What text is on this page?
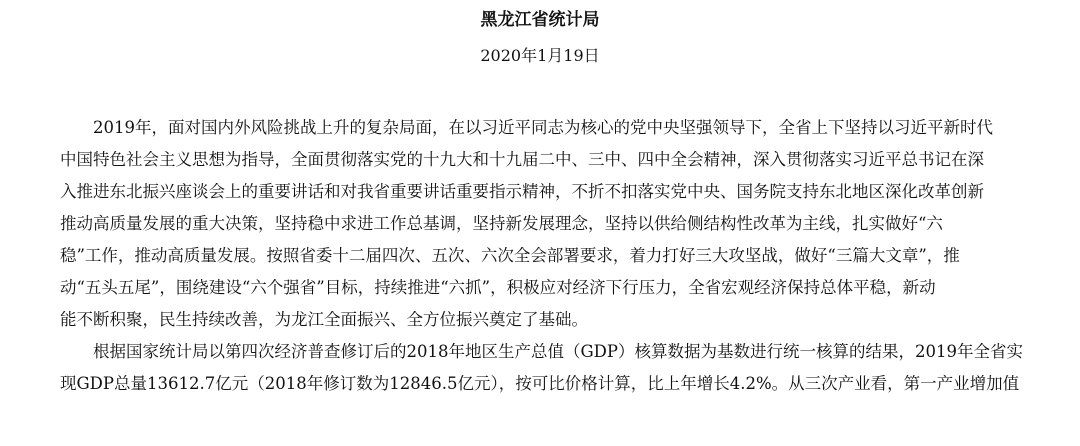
黑龙江省统计局
2020年1月19日
　　2019年，面对国内外风险挑战上升的复杂局面，在以习近平同志为核心的党中央坚强领导下，全省上下坚持以习近平新时代
中国特色社会主义思想为指导，全面贯彻落实党的十九大和十九届二中、三中、四中全会精神，深入贯彻落实习近平总书记在深
入推进东北振兴座谈会上的重要讲话和对我省重要讲话重要指示精神，不折不扣落实党中央、国务院支持东北地区深化改革创新
推动高质量发展的重大决策，坚持稳中求进工作总基调，坚持新发展理念，坚持以供给侧结构性改革为主线，扎实做好“六
稳”工作，推动高质量发展。按照省委十二届四次、五次、六次全会部署要求，着力打好三大攻坚战，做好“三篇大文章”，推
动“五头五尾”，围绕建设“六个强省”目标，持续推进“六抓”，积极应对经济下行压力，全省宏观经济保持总体平稳，新动
能不断积聚，民生持续改善，为龙江全面振兴、全方位振兴奠定了基础。
　　根据国家统计局以第四次经济普查修订后的2018年地区生产总值（GDP）核算数据为基数进行统一核算的结果，2019年全省实
现GDP总量13612.7亿元（2018年修订数为12846.5亿元），按可比价格计算，比上年增长4.2%。从三次产业看，第一产业增加值
